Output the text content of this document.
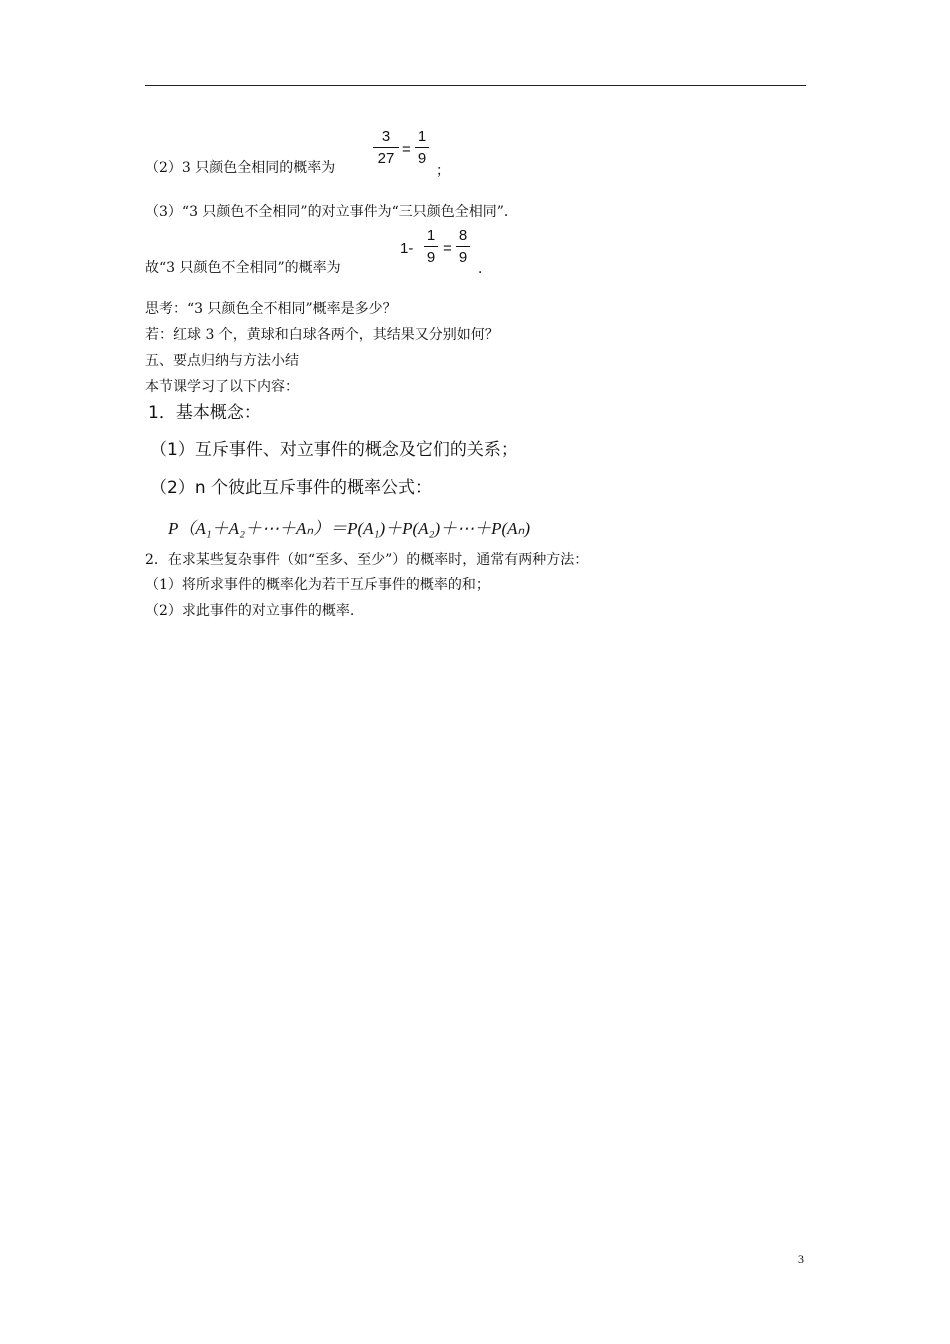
（2）3 只颜色全相同的概率为
3
27
=
1
9
；
（3）“3 只颜色不全相同”的对立事件为“三只颜色全相同”．
故“3 只颜色不全相同”的概率为
1-
1
9
=
8
9
．
思考：“3 只颜色全不相同”概率是多少？
若：红球 3 个，黄球和白球各两个，其结果又分别如何？
五、要点归纳与方法小结
本节课学习了以下内容：
1．基本概念：
（1）互斥事件、对立事件的概念及它们的关系；
（2）n 个彼此互斥事件的概率公式：
P（A₁＋A₂＋⋯＋Aₙ）＝P(A₁)＋P(A₂)＋⋯＋P(Aₙ)
2．在求某些复杂事件（如“至多、至少”）的概率时，通常有两种方法：
（1）将所求事件的概率化为若干互斥事件的概率的和；
（2）求此事件的对立事件的概率.
3
